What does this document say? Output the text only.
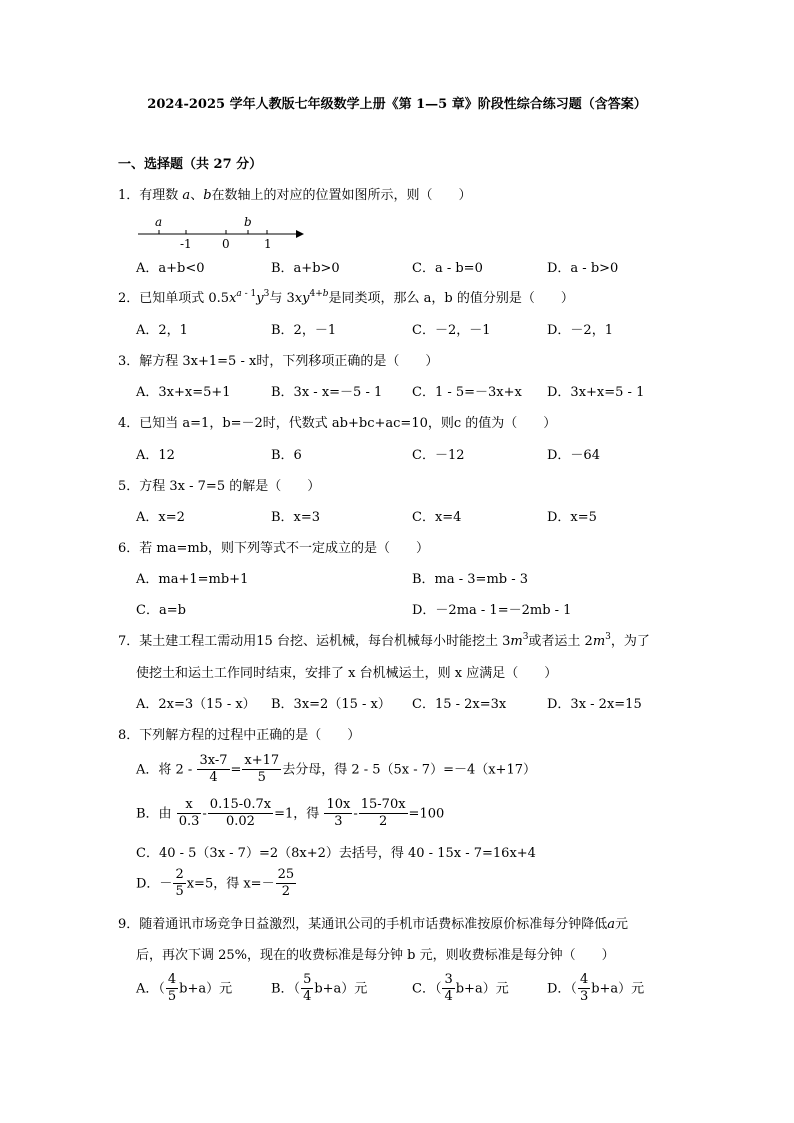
2024-2025 学年人教版七年级数学上册《第 1—5 章》阶段性综合练习题（含答案）
一、选择题（共 27 分）
1．有理数 a、b在数轴上的对应的位置如图所示，则（　　）
a	b
-1	0	1
A．a+b<0	B．a+b>0	C．a - b=0	D．a - b>0
2．已知单项式 $0.5x^{a - 1}y^3$与 $3xy^{4+b}$是同类项，那么 a，b 的值分别是（　　）
A．2，1	B．2，－1	C．－2，－1	D．－2，1
3．解方程 3x+1=5 - x时，下列移项正确的是（　　）
A．3x+x=5+1	B．3x - x=－5 - 1 C．1 - 5=－3x+x D．3x+x=5 - 1
4．已知当 a=1，b=－2时，代数式 ab+bc+ac=10，则c 的值为（　　）
A．12	B．6	C．－12	D．－64
5．方程 3x - 7=5 的解是（　　）
A．x=2	B．x=3	C．x=4	D．x=5
6．若 ma=mb，则下列等式不一定成立的是（　　）
A．ma+1=mb+1	B．ma - 3=mb - 3
C．a=b	D．－2ma - 1=－2mb - 1
7．某土建工程工需动用15 台挖、运机械，每台机械每小时能挖土 $3m^3$或者运土 $2m^3$，为了
使挖土和运土工作同时结束，安排了 x 台机械运土，则 x 应满足（　　）
A．2x=3（15 - x） B．3x=2（15 - x） C．15 - 2x=3x	D．3x - 2x=15
8．下列解方程的过程中正确的是（　　）
A．将 $2 - \frac{3x-7}{4} = \frac{x+17}{5}$ 去分母，得 2 - 5（5x - 7）=－4（x+17）
B．由 $\frac{x}{0.3} - \frac{0.15-0.7x}{0.02} =1$，得 $\frac{10x}{3} - \frac{15-70x}{2} =100$
C．40 - 5（3x - 7）=2（8x+2）去括号，得 40 - 15x - 7=16x+4
D．－ $\frac{2}{5} x=5$，得 $x=- \frac{25}{2}$
9．随着通讯市场竞争日益激烈，某通讯公司的手机市话费标准按原价标准每分钟降低a元
后，再次下调 25%，现在的收费标准是每分钟 b 元，则收费标准是每分钟（　　）
A．（ $\frac{4}{5} b+a$）元	B．（ $\frac{5}{4} b+a$）元	C．（ $\frac{3}{4} b+a$）元	D．（ $\frac{4}{3} b+a$）元
